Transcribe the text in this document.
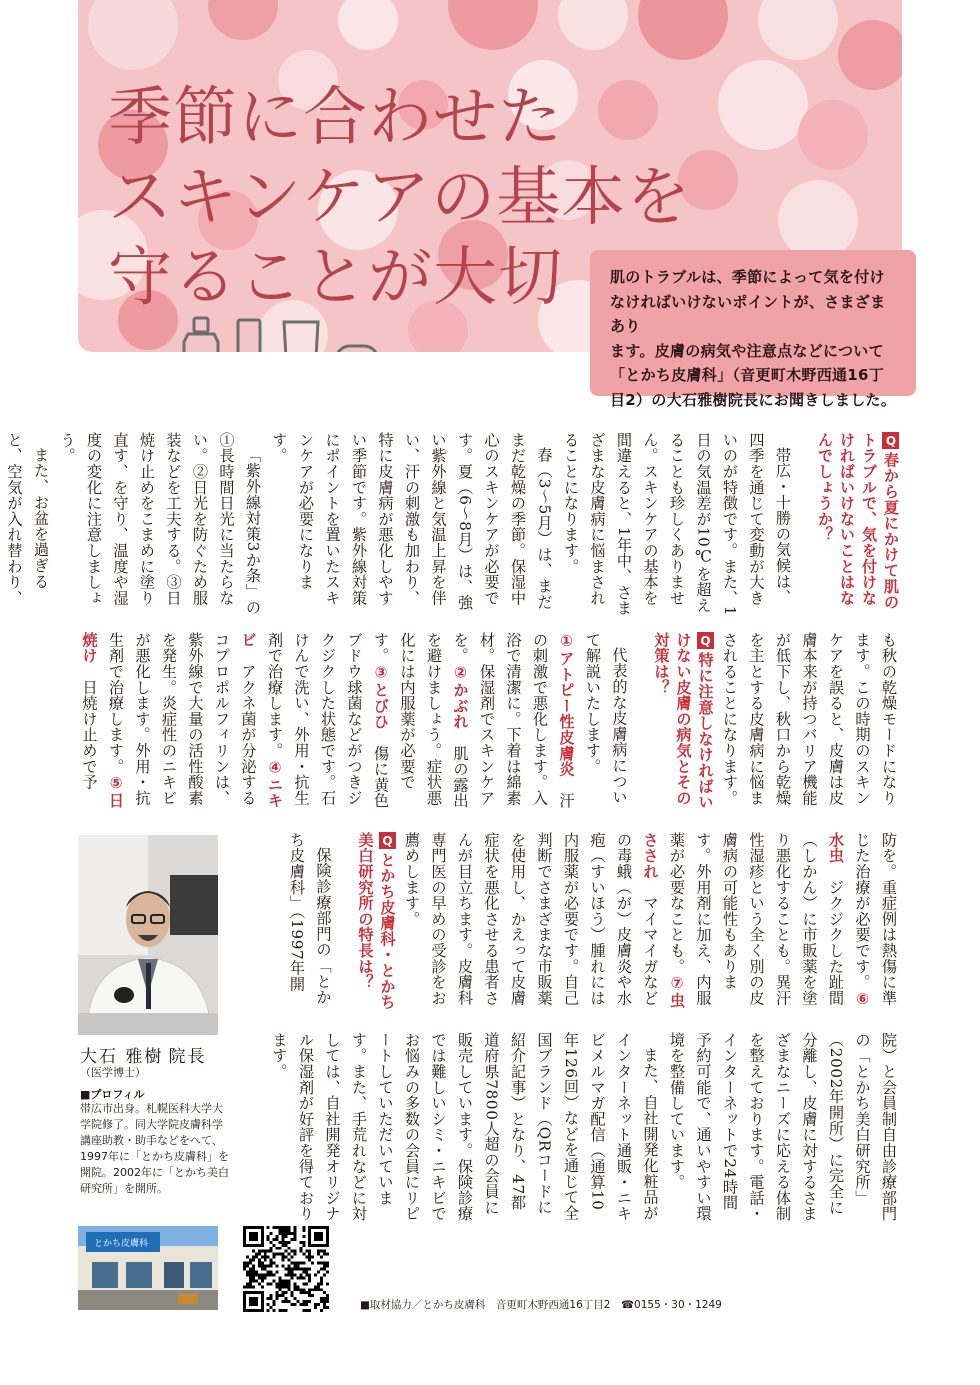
季節に合わせた
スキンケアの基本を
守ることが大切	肌のトラブルは、季節によって気を付け

なければいけないポイントが、さまざまあり

ます。皮膚の病気や注意点などについて

「とかち皮膚科」（音更町木野西通16丁

目2）の大石雅樹院長にお聞きしました。

Q春から夏にかけて肌のトラブルで、気を付けなければいけないことはなんでしょうか？

帯広・十勝の気候は、四季を通じて変動が大きいのが特徴です。また、1日の気温差が10℃を超えることも珍しくありません。スキンケアの基本を間違えると、1年中、さまざまな皮膚病に悩まされることになります。

春（3〜5月）は、まだまだ乾燥の季節。保湿中心のスキンケアが必要です。夏（6〜8月）は、強い紫外線と気温上昇を伴い、汗の刺激も加わり、特に皮膚病が悪化しやすい季節です。紫外線対策にポイントを置いたスキンケアが必要になります。

「紫外線対策3か条」の①長時間日光に当たらない。②日光を防ぐため服装などを工夫する。③日焼け止めをこまめに塗り直す、を守り、温度や湿度の変化に注意しましょう。

また、お盆を過ぎると、空気が入れ替わり、

も秋の乾燥モードになります。この時期のスキンケアを誤ると、皮膚は皮膚本来が持つバリア機能が低下し、秋口から乾燥を主とする皮膚病に悩まされることになります。

Q特に注意しなければいけない皮膚の病気とその対策は？

代表的な皮膚病について解説いたします。

①アトピー性皮膚炎　汗の刺激で悪化します。入浴で清潔に。下着は綿素材。保湿剤でスキンケアを。②かぶれ　肌の露出を避けましょう。症状悪化には内服薬が必要です。③とびひ　傷に黄色ブドウ球菌などがつきジクジクした状態です。石けんで洗い、外用・抗生剤で治療します。④ニキビ　アクネ菌が分泌するコプロポルフィリンは、紫外線で大量の活性酸素を発生。炎症性のニキビが悪化します。外用・抗生剤で治療します。⑤日焼け　日焼け止めで予

防を。重症例は熱傷に準じた治療が必要です。⑥水虫　ジクジクした趾間（しかん）に市販薬を塗り悪化することも。異汗性湿疹という全く別の皮膚病の可能性もあります。外用剤に加え、内服薬が必要なことも。⑦虫さされ　マイマイガなどの毒蛾（が）皮膚炎や水疱（すいほう）腫れには内服薬が必要です。自己判断でさまざまな市販薬を使用し、かえって皮膚症状を悪化させる患者さんが目立ちます。皮膚科専門医の早めの受診をお薦めします。

Qとかち皮膚科・とかち美白研究所の特長は？

保険診療部門の「とかち皮膚科」（1997年開

院）と会員制自由診療部門の「とかち美白研究所」（2002年開所）に完全に分離し、皮膚に対するさまざまなニーズに応える体制を整えております。電話・インターネットで24時間予約可能で、通いやすい環境を整備しています。

また、自社開発化粧品がインターネット通販・ニキビメルマガ配信（通算10年126回）などを通じて全国ブランド（QRコードに紹介記事）となり、47都道府県7800人超の会員に販売しています。保険診療では難しいシミ・ニキビでお悩みの多数の会員にリピートしていただいています。また、手荒れなどに対しては、自社開発オリジナル保湿剤が好評を得ております。

大石 雅樹 院長
（医学博士）
■プロフィル
帯広市出身。札幌医科大学大学院修了。同大学院皮膚科学講座助教・助手などをへて、1997年に「とかち皮膚科」を開院。2002年に「とかち美白研究所」を開所。
とかち皮膚科
■取材協力／とかち皮膚科　音更町木野西通16丁目2　☎0155・30・1249
